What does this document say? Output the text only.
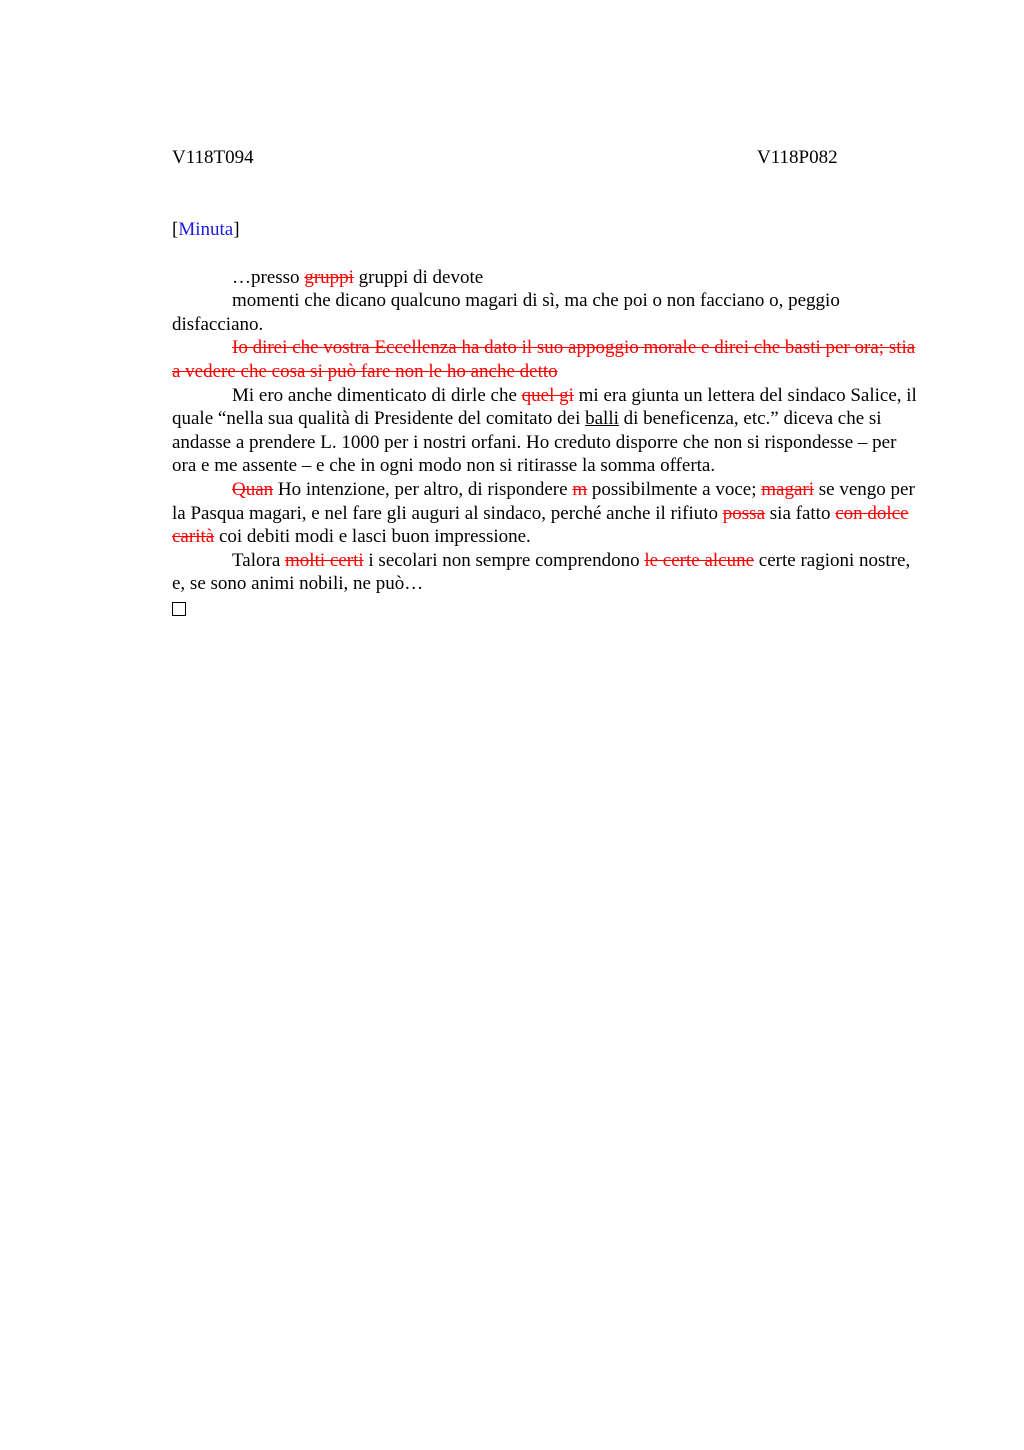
V118T094	V118P082
[Minuta]

…presso gruppi gruppi di devote

momenti che dicano qualcuno magari di sì, ma che poi o non facciano o, peggio disfacciano.

Io direi che vostra Eccellenza ha dato il suo appoggio morale e direi che basti per ora; stia a vedere che cosa si può fare non le ho anche detto

Mi ero anche dimenticato di dirle che quel gi mi era giunta un lettera del sindaco Salice, il quale “nella sua qualità di Presidente del comitato dei balli di beneficenza, etc.” diceva che si andasse a prendere L. 1000 per i nostri orfani. Ho creduto disporre che non si rispondesse – per ora e me assente – e che in ogni modo non si ritirasse la somma offerta.

Quan Ho intenzione, per altro, di rispondere m possibilmente a voce; magari se vengo per la Pasqua magari, e nel fare gli auguri al sindaco, perché anche il rifiuto possa sia fatto con dolce carità coi debiti modi e lasci buon impressione.

Talora molti certi i secolari non sempre comprendono le certe alcune certe ragioni nostre, e, se sono animi nobili, ne può…
